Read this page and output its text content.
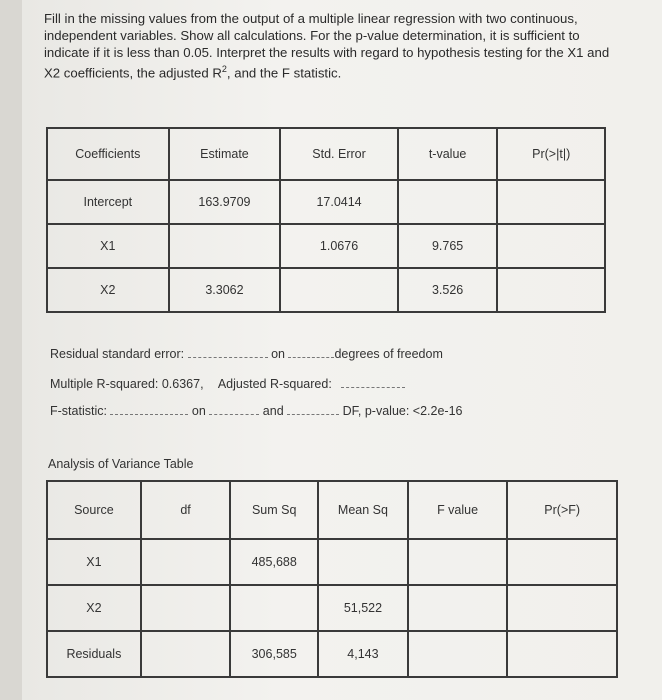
Fill in the missing values from the output of a multiple linear regression with two continuous,
independent variables. Show all calculations. For the p-value determination, it is sufficient to
indicate if it is less than 0.05. Interpret the results with regard to hypothesis testing for the X1 and
X2 coefficients, the adjusted $R^2$, and the F statistic.
Coefficients	Estimate	Std. Error	t-value	Pr(>|t|)
Intercept	163.9709	17.0414		
X1		1.0676	9.765	
X2	3.3062		3.526	
Residual standard error:	on	degrees of freedom
Multiple R-squared: 0.6367, Adjusted R-squared:
F-statistic:	on	and	DF, p-value: <2.2e-16
Analysis of Variance Table
Source	df	Sum Sq	Mean Sq	F value	Pr(>F)
X1		485,688			
X2			51,522		
Residuals		306,585	4,143		
